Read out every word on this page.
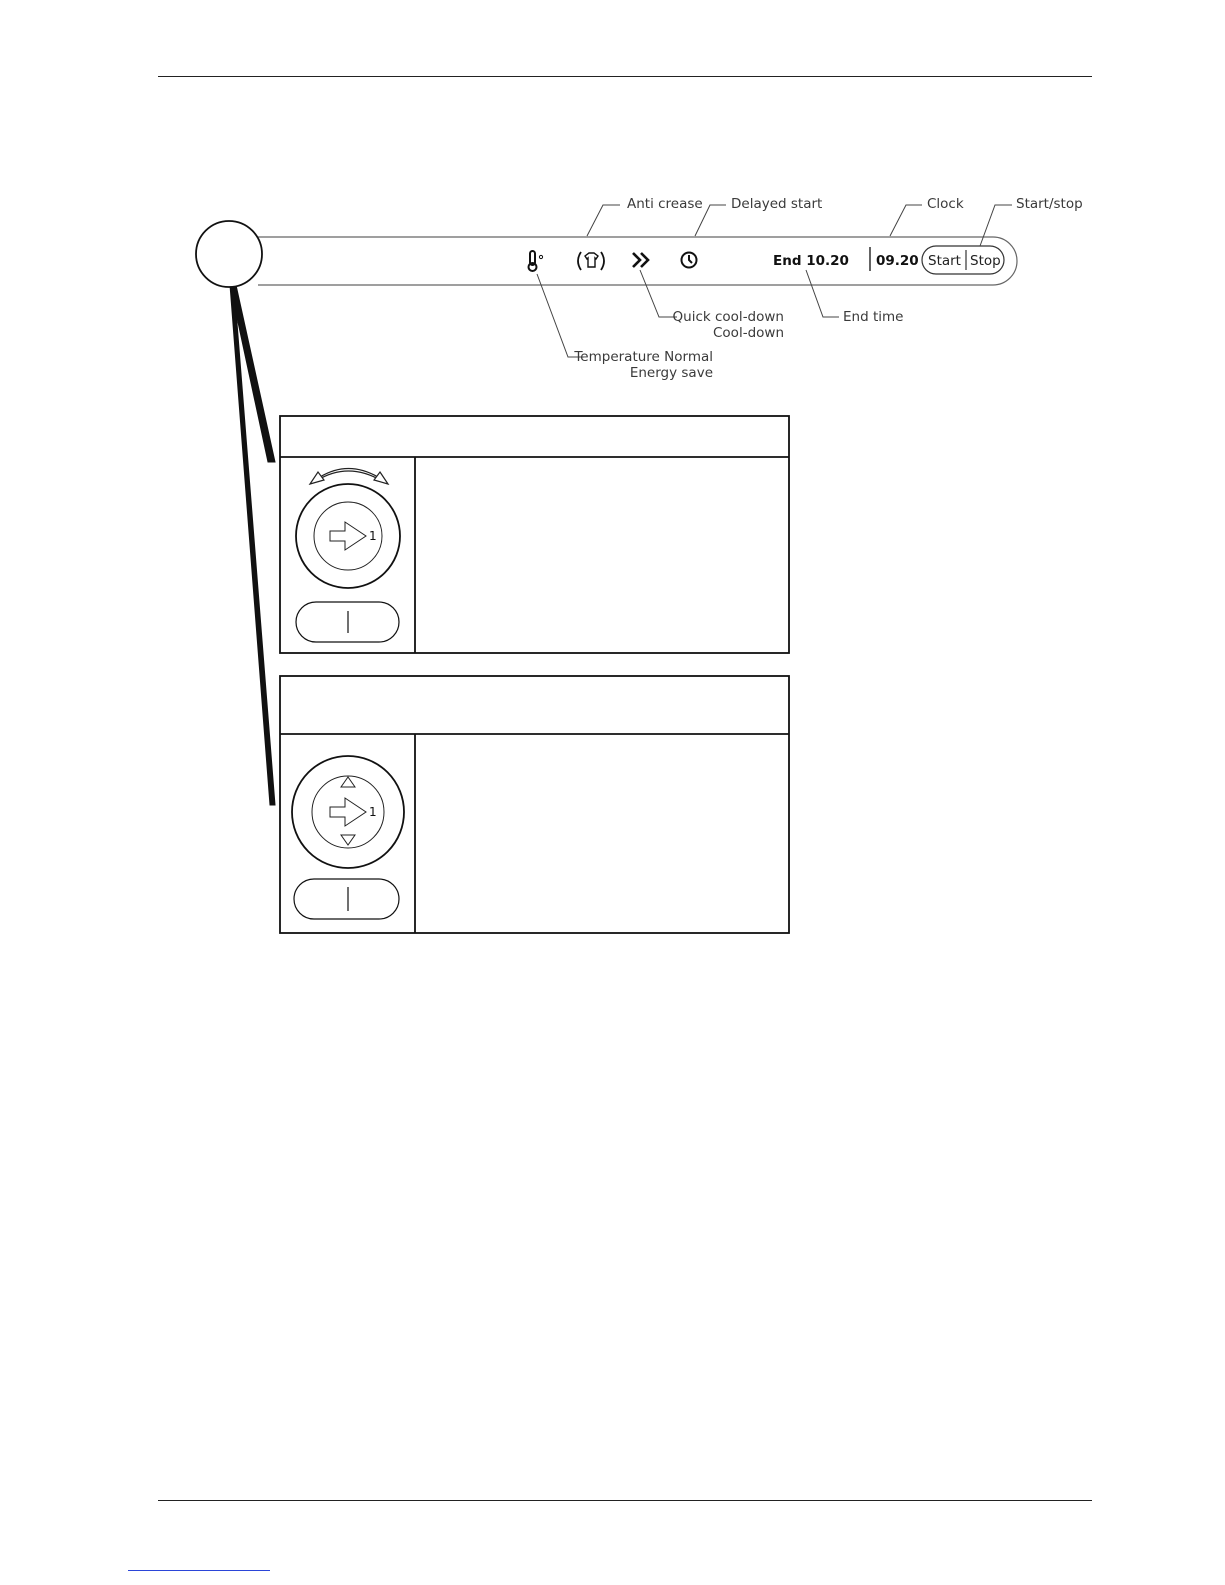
End 10.20 09.20 Start Stop
Anti crease Delayed start	Clock	Start/stop
Quick cool-down
Cool-down
End time
Temperature Normal
Energy save
1
1
